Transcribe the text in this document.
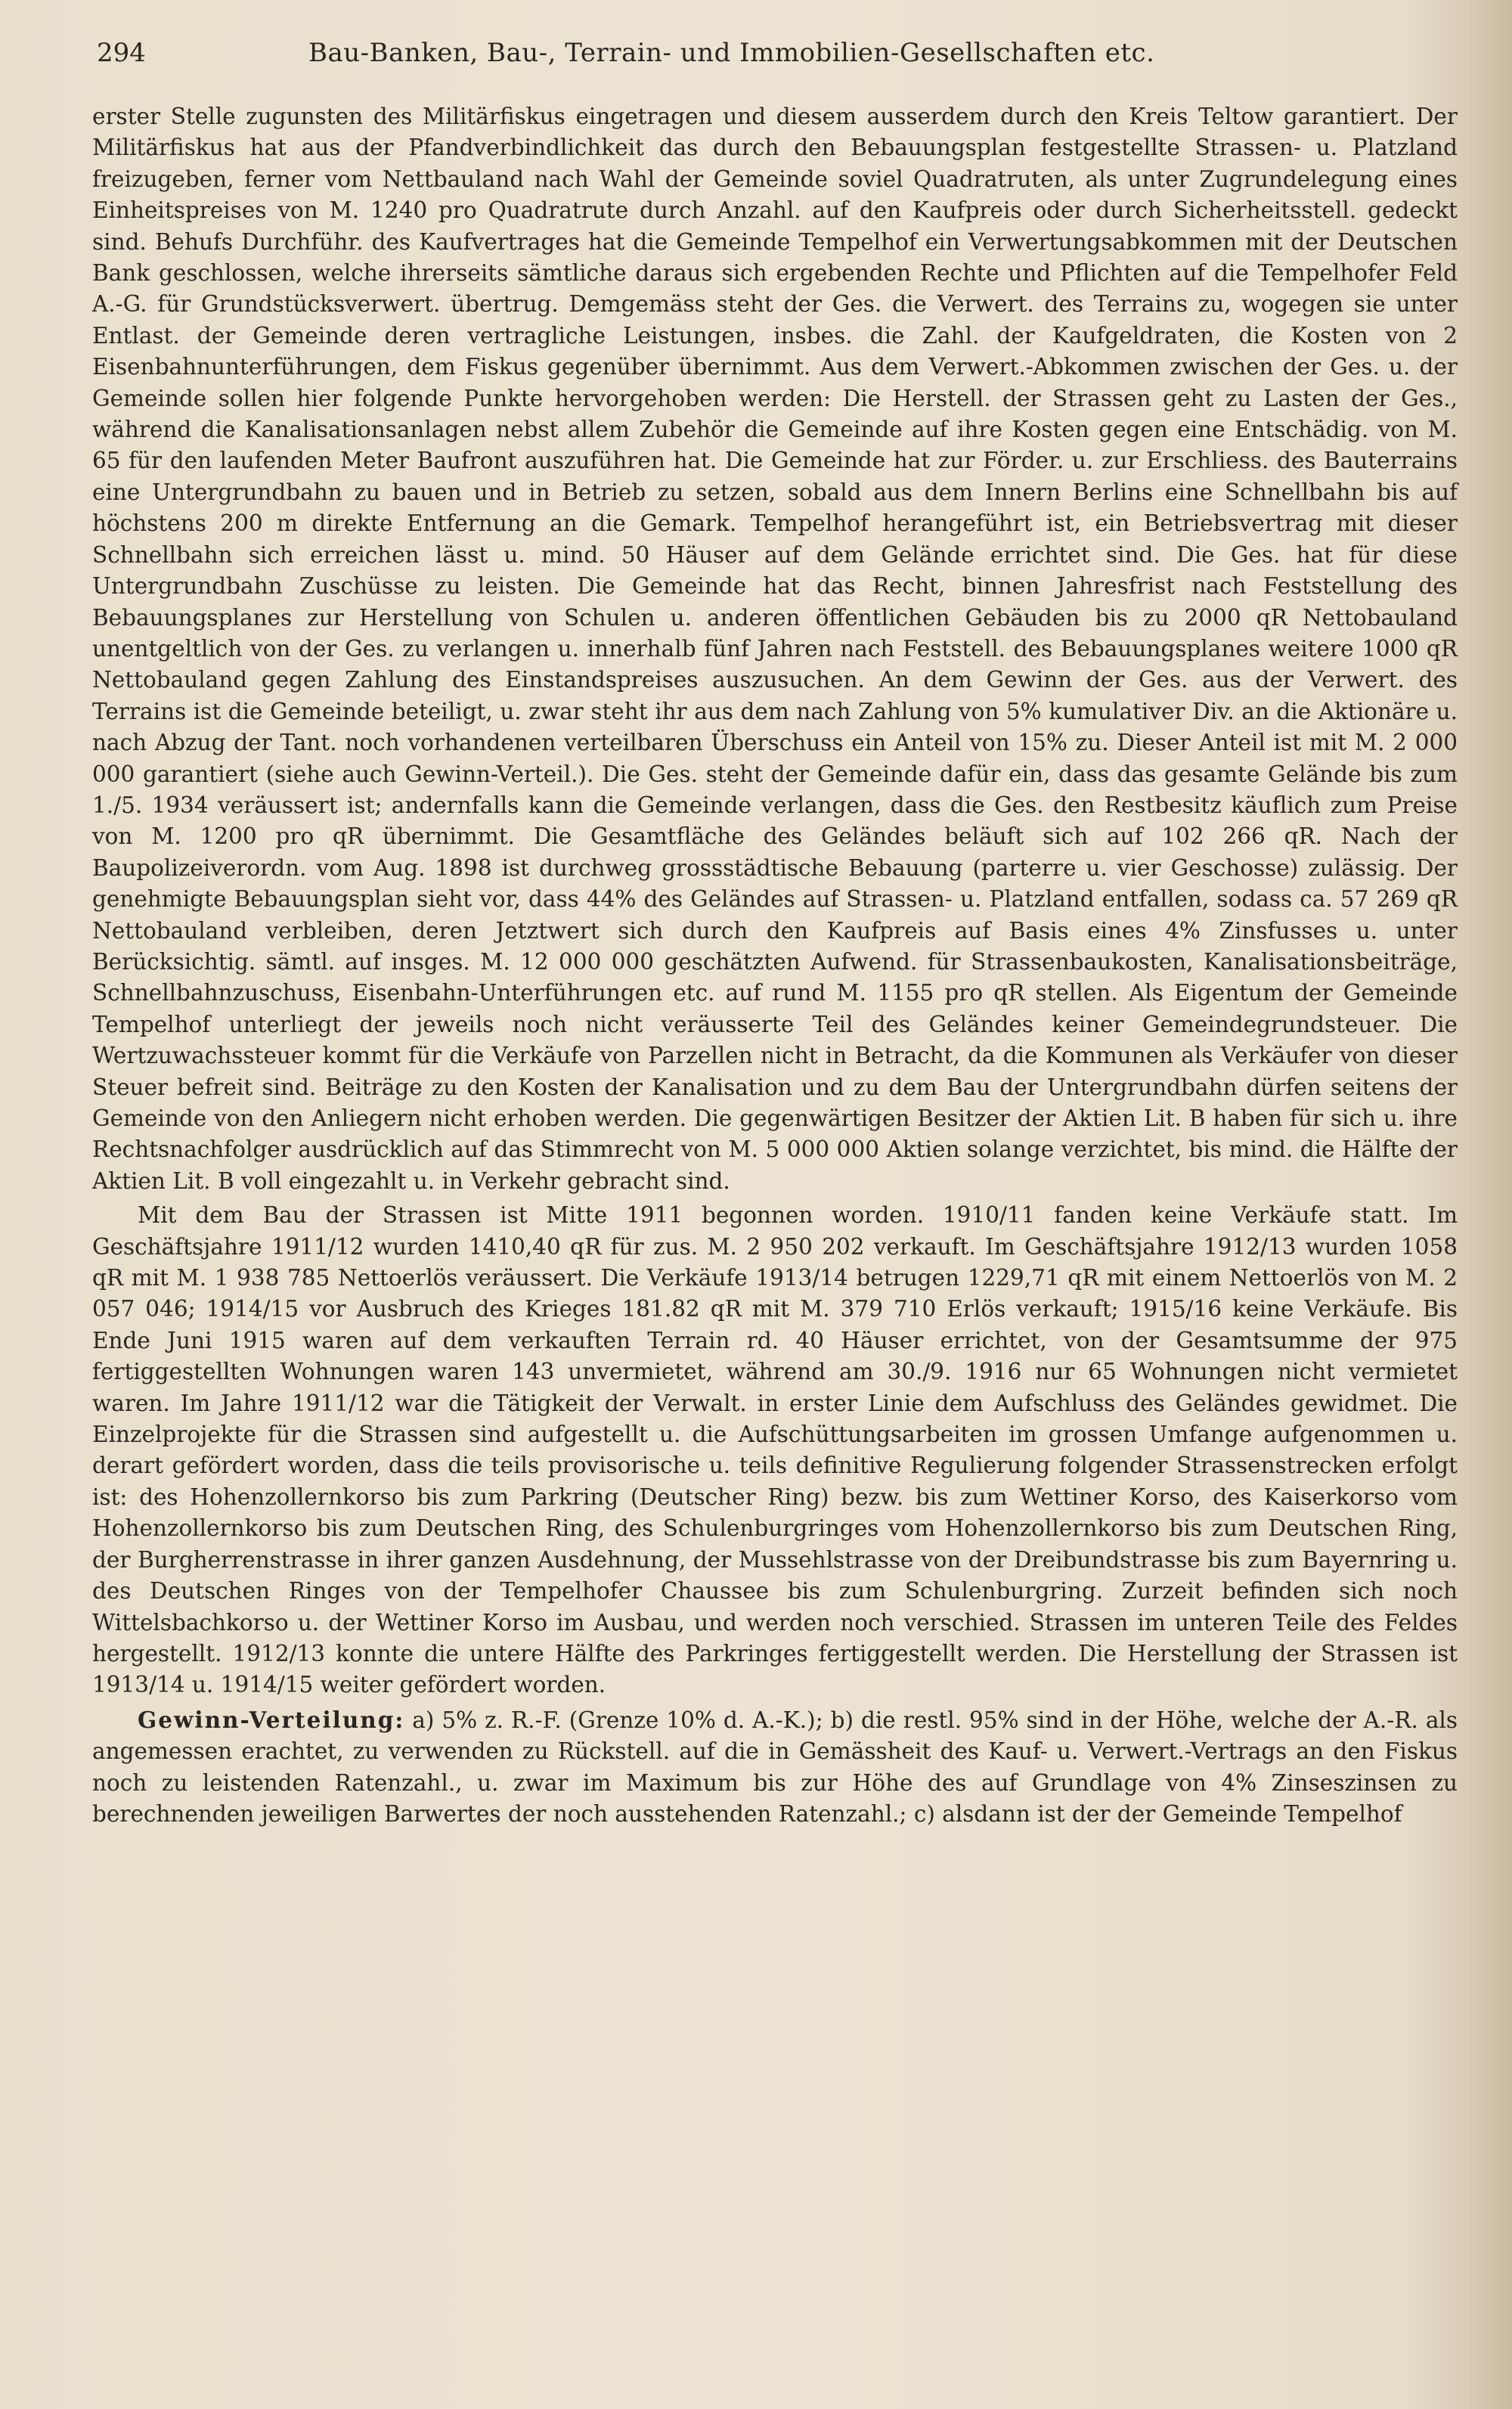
294	Bau-Banken, Bau-, Terrain- und Immobilien-Gesellschaften etc.

erster Stelle zugunsten des Militärfiskus eingetragen und diesem ausserdem durch den Kreis Teltow garantiert. Der Militärfiskus hat aus der Pfandverbindlichkeit das durch den Bebauungsplan festgestellte Strassen- u. Platzland freizugeben, ferner vom Nettbauland nach Wahl der Gemeinde soviel Quadratruten, als unter Zugrundelegung eines Einheitspreises von M. 1240 pro Quadratrute durch Anzahl. auf den Kaufpreis oder durch Sicherheitsstell. gedeckt sind. Behufs Durchführ. des Kaufvertrages hat die Gemeinde Tempelhof ein Verwertungsabkommen mit der Deutschen Bank geschlossen, welche ihrerseits sämtliche daraus sich ergebenden Rechte und Pflichten auf die Tempelhofer Feld A.-G. für Grundstücksverwert. übertrug. Demgemäss steht der Ges. die Verwert. des Terrains zu, wogegen sie unter Entlast. der Gemeinde deren vertragliche Leistungen, insbes. die Zahl. der Kaufgeldraten, die Kosten von 2 Eisenbahnunterführungen, dem Fiskus gegenüber übernimmt. Aus dem Verwert.-Abkommen zwischen der Ges. u. der Gemeinde sollen hier folgende Punkte hervorgehoben werden: Die Herstell. der Strassen geht zu Lasten der Ges., während die Kanalisationsanlagen nebst allem Zubehör die Gemeinde auf ihre Kosten gegen eine Entschädig. von M. 65 für den laufenden Meter Baufront auszuführen hat. Die Gemeinde hat zur Förder. u. zur Erschliess. des Bauterrains eine Untergrundbahn zu bauen und in Betrieb zu setzen, sobald aus dem Innern Berlins eine Schnellbahn bis auf höchstens 200 m direkte Entfernung an die Gemark. Tempelhof herangeführt ist, ein Betriebsvertrag mit dieser Schnellbahn sich erreichen lässt u. mind. 50 Häuser auf dem Gelände errichtet sind. Die Ges. hat für diese Untergrundbahn Zuschüsse zu leisten. Die Gemeinde hat das Recht, binnen Jahresfrist nach Feststellung des Bebauungsplanes zur Herstellung von Schulen u. anderen öffentlichen Gebäuden bis zu 2000 qR Nettobauland unentgeltlich von der Ges. zu verlangen u. innerhalb fünf Jahren nach Feststell. des Bebauungsplanes weitere 1000 qR Nettobauland gegen Zahlung des Einstandspreises auszusuchen. An dem Gewinn der Ges. aus der Verwert. des Terrains ist die Gemeinde beteiligt, u. zwar steht ihr aus dem nach Zahlung von 5% kumulativer Div. an die Aktionäre u. nach Abzug der Tant. noch vorhandenen verteilbaren Überschuss ein Anteil von 15% zu. Dieser Anteil ist mit M. 2 000 000 garantiert (siehe auch Gewinn-Verteil.). Die Ges. steht der Gemeinde dafür ein, dass das gesamte Gelände bis zum 1./5. 1934 veräussert ist; andernfalls kann die Gemeinde verlangen, dass die Ges. den Restbesitz käuflich zum Preise von M. 1200 pro qR übernimmt. Die Gesamtfläche des Geländes beläuft sich auf 102 266 qR. Nach der Baupolizeiverordn. vom Aug. 1898 ist durchweg grossstädtische Bebauung (parterre u. vier Geschosse) zulässig. Der genehmigte Bebauungsplan sieht vor, dass 44% des Geländes auf Strassen- u. Platzland entfallen, sodass ca. 57 269 qR Nettobauland verbleiben, deren Jetztwert sich durch den Kaufpreis auf Basis eines 4% Zinsfusses u. unter Berücksichtig. sämtl. auf insges. M. 12 000 000 geschätzten Aufwend. für Strassenbaukosten, Kanalisationsbeiträge, Schnellbahnzuschuss, Eisenbahn-Unterführungen etc. auf rund M. 1155 pro qR stellen. Als Eigentum der Gemeinde Tempelhof unterliegt der jeweils noch nicht veräusserte Teil des Geländes keiner Gemeindegrundsteuer. Die Wertzuwachssteuer kommt für die Verkäufe von Parzellen nicht in Betracht, da die Kommunen als Verkäufer von dieser Steuer befreit sind. Beiträge zu den Kosten der Kanalisation und zu dem Bau der Untergrundbahn dürfen seitens der Gemeinde von den Anliegern nicht erhoben werden. Die gegenwärtigen Besitzer der Aktien Lit. B haben für sich u. ihre Rechtsnachfolger ausdrücklich auf das Stimmrecht von M. 5 000 000 Aktien solange verzichtet, bis mind. die Hälfte der Aktien Lit. B voll eingezahlt u. in Verkehr gebracht sind.

Mit dem Bau der Strassen ist Mitte 1911 begonnen worden. 1910/11 fanden keine Verkäufe statt. Im Geschäftsjahre 1911/12 wurden 1410,40 qR für zus. M. 2 950 202 verkauft. Im Geschäftsjahre 1912/13 wurden 1058 qR mit M. 1 938 785 Nettoerlös veräussert. Die Verkäufe 1913/14 betrugen 1229,71 qR mit einem Nettoerlös von M. 2 057 046; 1914/15 vor Ausbruch des Krieges 181.82 qR mit M. 379 710 Erlös verkauft; 1915/16 keine Verkäufe. Bis Ende Juni 1915 waren auf dem verkauften Terrain rd. 40 Häuser errichtet, von der Gesamtsumme der 975 fertiggestellten Wohnungen waren 143 unvermietet, während am 30./9. 1916 nur 65 Wohnungen nicht vermietet waren. Im Jahre 1911/12 war die Tätigkeit der Verwalt. in erster Linie dem Aufschluss des Geländes gewidmet. Die Einzelprojekte für die Strassen sind aufgestellt u. die Aufschüttungsarbeiten im grossen Umfange aufgenommen u. derart gefördert worden, dass die teils provisorische u. teils definitive Regulierung folgender Strassenstrecken erfolgt ist: des Hohenzollernkorso bis zum Parkring (Deutscher Ring) bezw. bis zum Wettiner Korso, des Kaiserkorso vom Hohenzollernkorso bis zum Deutschen Ring, des Schulenburgringes vom Hohenzollernkorso bis zum Deutschen Ring, der Burgherrenstrasse in ihrer ganzen Ausdehnung, der Mussehlstrasse von der Dreibundstrasse bis zum Bayernring u. des Deutschen Ringes von der Tempelhofer Chaussee bis zum Schulenburgring. Zurzeit befinden sich noch Wittelsbachkorso u. der Wettiner Korso im Ausbau, und werden noch verschied. Strassen im unteren Teile des Feldes hergestellt. 1912/13 konnte die untere Hälfte des Parkringes fertiggestellt werden. Die Herstellung der Strassen ist 1913/14 u. 1914/15 weiter gefördert worden.

Gewinn-Verteilung: a) 5% z. R.-F. (Grenze 10% d. A.-K.); b) die restl. 95% sind in der Höhe, welche der A.-R. als angemessen erachtet, zu verwenden zu Rückstell. auf die in Gemässheit des Kauf- u. Verwert.-Vertrags an den Fiskus noch zu leistenden Ratenzahl., u. zwar im Maximum bis zur Höhe des auf Grundlage von 4% Zinseszinsen zu berechnenden jeweiligen Barwertes der noch ausstehenden Ratenzahl.; c) alsdann ist der der Gemeinde Tempelhof
